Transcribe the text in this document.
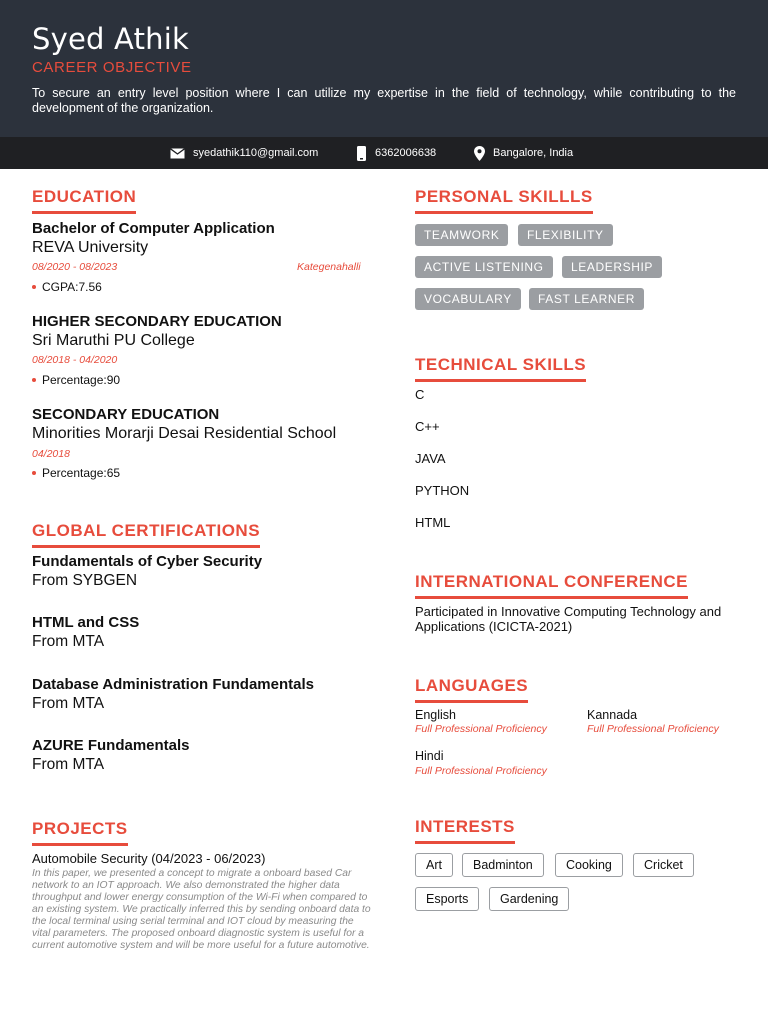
Syed Athik
CAREER OBJECTIVE

To secure an entry level position where I can utilize my expertise in the field of technology, while contributing to the development of the organization.

syedathik110@gmail.com	6362006638	Bangalore, India
EDUCATION
Bachelor of Computer Application
REVA University
08/2020 - 08/2023	Kategenahalli
CGPA:7.56
HIGHER SECONDARY EDUCATION
Sri Maruthi PU College
08/2018 - 04/2020
Percentage:90
SECONDARY EDUCATION
Minorities Morarji Desai Residential School
04/2018
Percentage:65
GLOBAL CERTIFICATIONS
Fundamentals of Cyber Security
From SYBGEN
HTML and CSS
From MTA
Database Administration Fundamentals
From MTA
AZURE Fundamentals
From MTA
PROJECTS
Automobile Security (04/2023 - 06/2023)

In this paper, we presented a concept to migrate a onboard based Car network to an IOT approach. We also demonstrated the higher data throughput and lower energy consumption of the Wi-Fi when compared to an existing system. We practically inferred this by sending onboard data to the local terminal using serial terminal and IOT cloud by measuring the vital parameters. The proposed onboard diagnostic system is useful for a current automotive system and will be more useful for a future automotive.

PERSONAL SKILLLS
TEAMWORK	FLEXIBILITY
ACTIVE LISTENING	LEADERSHIP
VOCABULARY	FAST LEARNER
TECHNICAL SKILLS
C
C++
JAVA
PYTHON
HTML
INTERNATIONAL CONFERENCE

Participated in Innovative Computing Technology and Applications (ICICTA-2021)

LANGUAGES
English
Full Professional Proficiency
Kannada
Full Professional Proficiency
Hindi
Full Professional Proficiency
INTERESTS
Art	Badminton	Cooking	Cricket
Esports	Gardening
